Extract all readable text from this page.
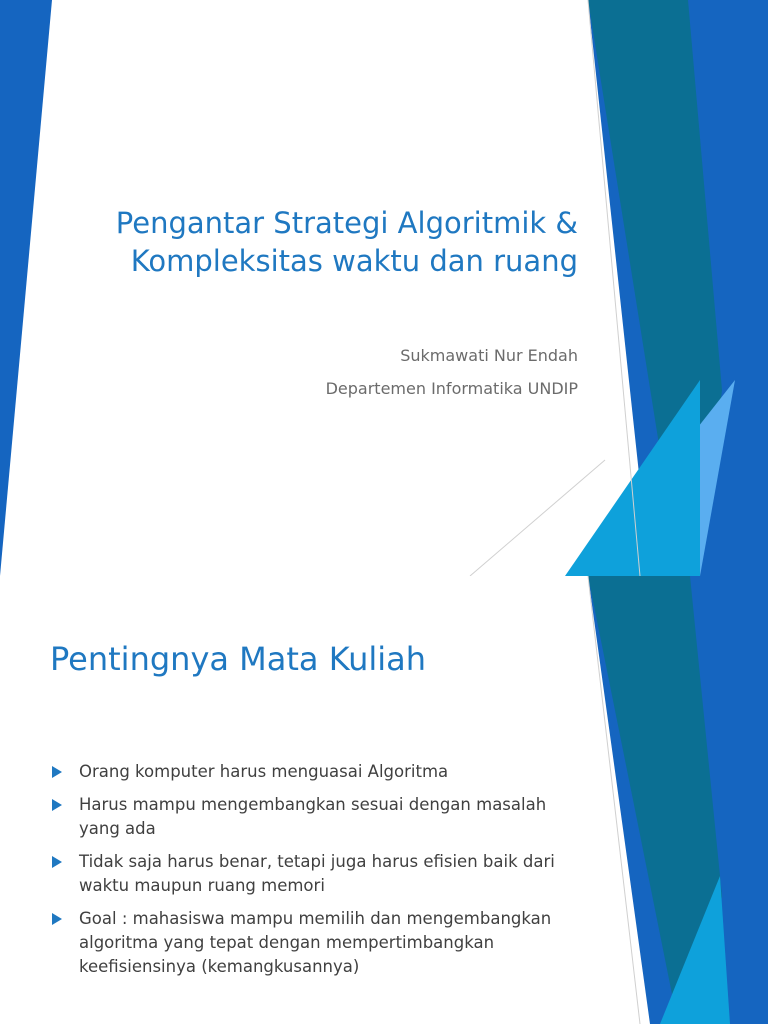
Pengantar Strategi Algoritmik &
Kompleksitas waktu dan ruang
Sukmawati Nur Endah
Departemen Informatika UNDIP
Pentingnya Mata Kuliah
Orang komputer harus menguasai Algoritma
Harus mampu mengembangkan sesuai dengan masalah
yang ada
Tidak saja harus benar, tetapi juga harus efisien baik dari
waktu maupun ruang memori
Goal : mahasiswa mampu memilih dan mengembangkan
algoritma yang tepat dengan mempertimbangkan
keefisiensinya (kemangkusannya)
